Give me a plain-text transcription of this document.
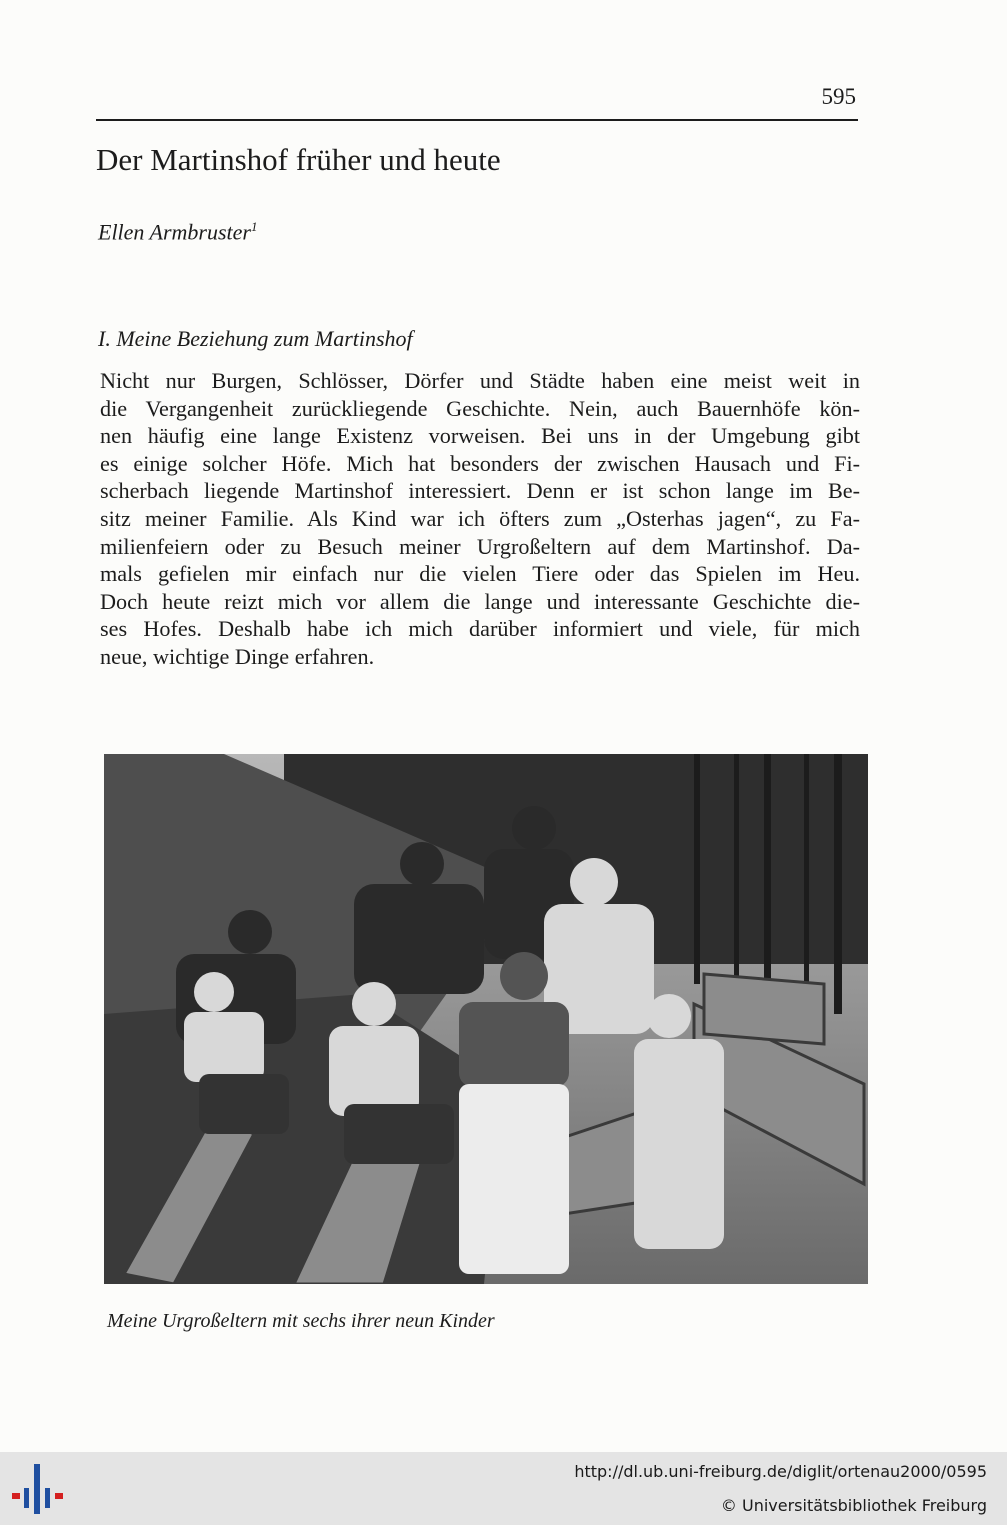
595
Der Martinshof früher und heute
Ellen Armbruster$^1$
I. Meine Beziehung zum Martinshof
Nicht nur Burgen, Schlösser, Dörfer und Städte haben eine meist weit in
die Vergangenheit zurückliegende Geschichte. Nein, auch Bauernhöfe kön-
nen häufig eine lange Existenz vorweisen. Bei uns in der Umgebung gibt
es einige solcher Höfe. Mich hat besonders der zwischen Hausach und Fi-
scherbach liegende Martinshof interessiert. Denn er ist schon lange im Be-
sitz meiner Familie. Als Kind war ich öfters zum „Osterhas jagen“, zu Fa-
milienfeiern oder zu Besuch meiner Urgroßeltern auf dem Martinshof. Da-
mals gefielen mir einfach nur die vielen Tiere oder das Spielen im Heu.
Doch heute reizt mich vor allem die lange und interessante Geschichte die-
ses Hofes. Deshalb habe ich mich darüber informiert und viele, für mich
neue, wichtige Dinge erfahren.
Meine Urgroßeltern mit sechs ihrer neun Kinder
http://dl.ub.uni-freiburg.de/diglit/ortenau2000/0595
© Universitätsbibliothek Freiburg
